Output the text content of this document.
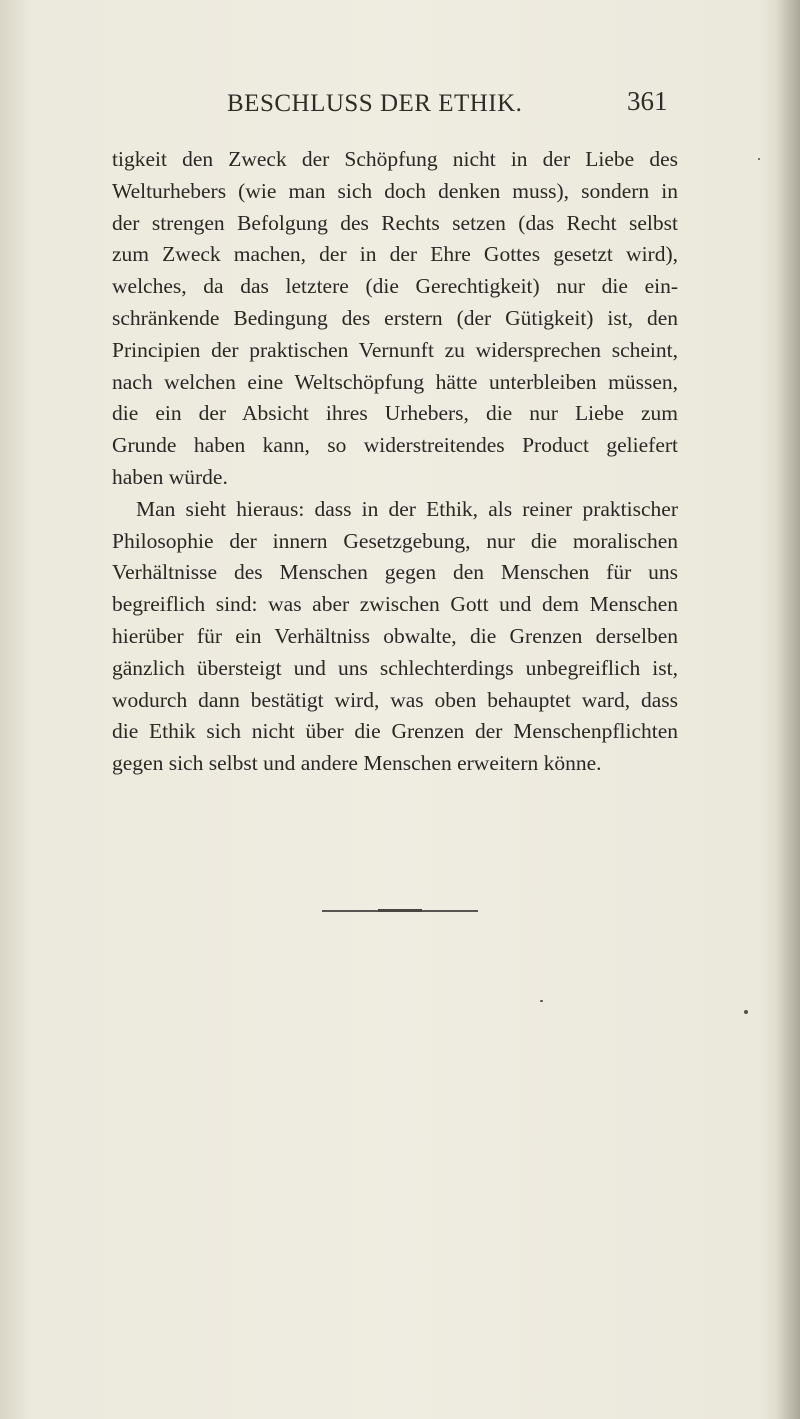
BESCHLUSS DER ETHIK.	361
tigkeit den Zweck der Schöpfung nicht in der Liebe des
Welturhebers (wie man sich doch denken muss), sondern in
der strengen Befolgung des Rechts setzen (das Recht selbst
zum Zweck machen, der in der Ehre Gottes gesetzt wird),
welches, da das letztere (die Gerechtigkeit) nur die ein-
schränkende Bedingung des erstern (der Gütigkeit) ist, den
Principien der praktischen Vernunft zu widersprechen scheint,
nach welchen eine Weltschöpfung hätte unterbleiben müssen,
die ein der Absicht ihres Urhebers, die nur Liebe zum
Grunde haben kann, so widerstreitendes Product geliefert
haben würde.
Man sieht hieraus: dass in der Ethik, als reiner praktischer
Philosophie der innern Gesetzgebung, nur die moralischen
Verhältnisse des Menschen gegen den Menschen für uns
begreiflich sind: was aber zwischen Gott und dem Menschen
hierüber für ein Verhältniss obwalte, die Grenzen derselben
gänzlich übersteigt und uns schlechterdings unbegreiflich ist,
wodurch dann bestätigt wird, was oben behauptet ward, dass
die Ethik sich nicht über die Grenzen der Menschenpflichten
gegen sich selbst und andere Menschen erweitern könne.
